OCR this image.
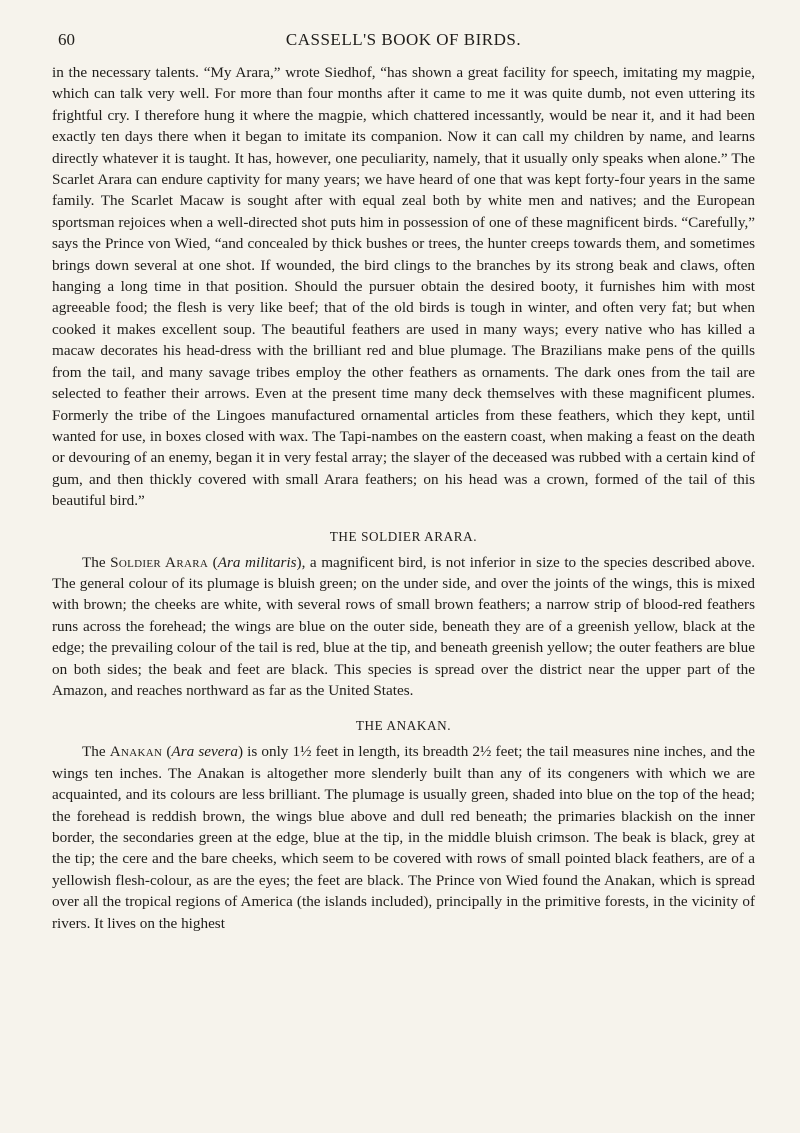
60	CASSELL'S BOOK OF BIRDS.

in the necessary talents. “My Arara,” wrote Siedhof, “has shown a great facility for speech, imitating my magpie, which can talk very well. For more than four months after it came to me it was quite dumb, not even uttering its frightful cry. I therefore hung it where the magpie, which chattered incessantly, would be near it, and it had been exactly ten days there when it began to imitate its companion. Now it can call my children by name, and learns directly whatever it is taught. It has, however, one peculiarity, namely, that it usually only speaks when alone.” The Scarlet Arara can endure captivity for many years; we have heard of one that was kept forty-four years in the same family. The Scarlet Macaw is sought after with equal zeal both by white men and natives; and the European sportsman rejoices when a well-directed shot puts him in possession of one of these magnificent birds. “Carefully,” says the Prince von Wied, “and concealed by thick bushes or trees, the hunter creeps towards them, and sometimes brings down several at one shot. If wounded, the bird clings to the branches by its strong beak and claws, often hanging a long time in that position. Should the pursuer obtain the desired booty, it furnishes him with most agreeable food; the flesh is very like beef; that of the old birds is tough in winter, and often very fat; but when cooked it makes excellent soup. The beautiful feathers are used in many ways; every native who has killed a macaw decorates his head-dress with the brilliant red and blue plumage. The Brazilians make pens of the quills from the tail, and many savage tribes employ the other feathers as ornaments. The dark ones from the tail are selected to feather their arrows. Even at the present time many deck themselves with these magnificent plumes. Formerly the tribe of the Lingoes manufactured ornamental articles from these feathers, which they kept, until wanted for use, in boxes closed with wax. The Tapi-nambes on the eastern coast, when making a feast on the death or devouring of an enemy, began it in very festal array; the slayer of the deceased was rubbed with a certain kind of gum, and then thickly covered with small Arara feathers; on his head was a crown, formed of the tail of this beautiful bird.”

THE SOLDIER ARARA.

The Soldier Arara (Ara militaris), a magnificent bird, is not inferior in size to the species described above. The general colour of its plumage is bluish green; on the under side, and over the joints of the wings, this is mixed with brown; the cheeks are white, with several rows of small brown feathers; a narrow strip of blood-red feathers runs across the forehead; the wings are blue on the outer side, beneath they are of a greenish yellow, black at the edge; the prevailing colour of the tail is red, blue at the tip, and beneath greenish yellow; the outer feathers are blue on both sides; the beak and feet are black. This species is spread over the district near the upper part of the Amazon, and reaches northward as far as the United States.

THE ANAKAN.

The Anakan (Ara severa) is only 1½ feet in length, its breadth 2½ feet; the tail measures nine inches, and the wings ten inches. The Anakan is altogether more slenderly built than any of its congeners with which we are acquainted, and its colours are less brilliant. The plumage is usually green, shaded into blue on the top of the head; the forehead is reddish brown, the wings blue above and dull red beneath; the primaries blackish on the inner border, the secondaries green at the edge, blue at the tip, in the middle bluish crimson. The beak is black, grey at the tip; the cere and the bare cheeks, which seem to be covered with rows of small pointed black feathers, are of a yellowish flesh-colour, as are the eyes; the feet are black. The Prince von Wied found the Anakan, which is spread over all the tropical regions of America (the islands included), principally in the primitive forests, in the vicinity of rivers. It lives on the highest
